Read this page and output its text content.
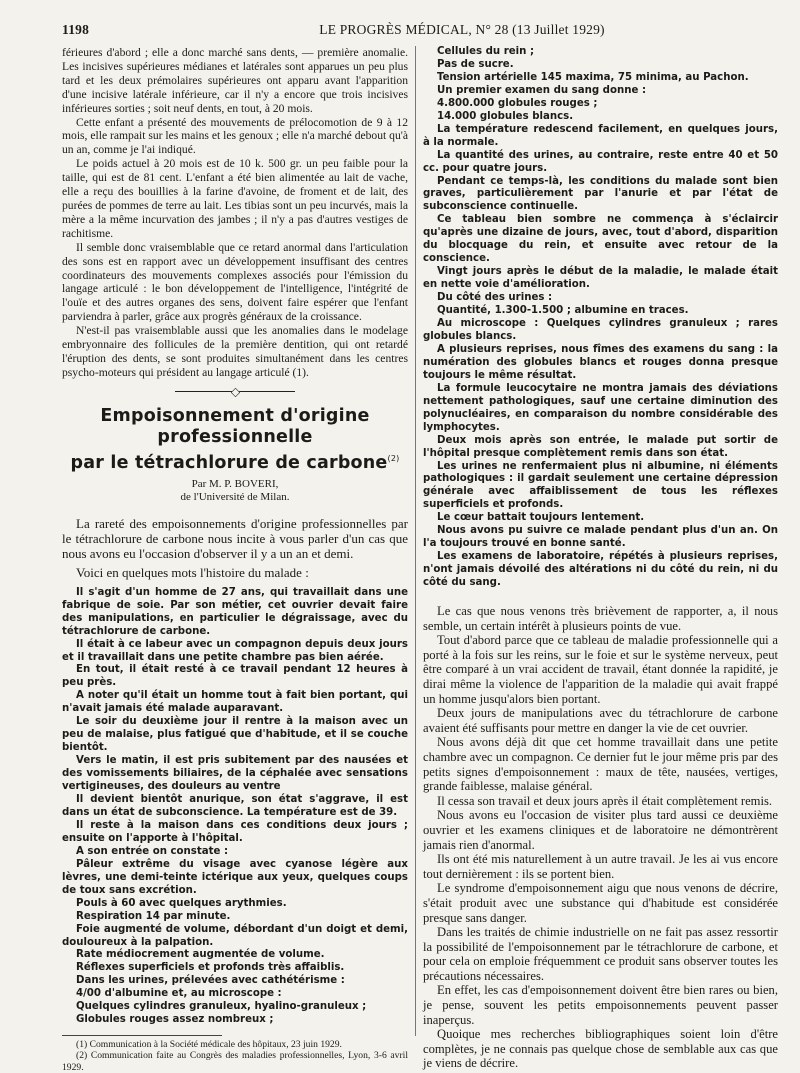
1198	LE PROGRÈS MÉDICAL, N° 28 (13 Juillet 1929)

férieures d'abord ; elle a donc marché sans dents, — première anomalie. Les incisives supérieures médianes et latérales sont apparues un peu plus tard et les deux prémolaires supérieures ont apparu avant l'apparition d'une incisive latérale inférieure, car il n'y a encore que trois incisives inférieures sorties ; soit neuf dents, en tout, à 20 mois.

Cette enfant a présenté des mouvements de prélocomotion de 9 à 12 mois, elle rampait sur les mains et les genoux ; elle n'a marché debout qu'à un an, comme je l'ai indiqué.

Le poids actuel à 20 mois est de 10 k. 500 gr. un peu faible pour la taille, qui est de 81 cent. L'enfant a été bien alimentée au lait de vache, elle a reçu des bouillies à la farine d'avoine, de froment et de lait, des purées de pommes de terre au lait. Les tibias sont un peu incurvés, mais la mère a la même incurvation des jambes ; il n'y a pas d'autres vestiges de rachitisme.

Il semble donc vraisemblable que ce retard anormal dans l'articulation des sons est en rapport avec un développement insuffisant des centres coordinateurs des mouvements complexes associés pour l'émission du langage articulé : le bon développement de l'intelligence, l'intégrité de l'ouïe et des autres organes des sens, doivent faire espérer que l'enfant parviendra à parler, grâce aux progrès généraux de la croissance.

N'est-il pas vraisemblable aussi que les anomalies dans le modelage embryonnaire des follicules de la première dentition, qui ont retardé l'éruption des dents, se sont produites simultanément dans les centres psycho-moteurs qui président au langage articulé (1).

Empoisonnement d'origine professionnelle
par le tétrachlorure de carbone$^{(2)}$
Par M. P. BOVERI,
de l'Université de Milan.

La rareté des empoisonnements d'origine professionnelles par le tétrachlorure de carbone nous incite à vous parler d'un cas que nous avons eu l'occasion d'observer il y a un an et demi.

Voici en quelques mots l'histoire du malade :

Il s'agit d'un homme de 27 ans, qui travaillait dans une fabrique de soie. Par son métier, cet ouvrier devait faire des manipulations, en particulier le dégraissage, avec du tétrachlorure de carbone.

Il était à ce labeur avec un compagnon depuis deux jours et il travaillait dans une petite chambre pas bien aérée.

En tout, il était resté à ce travail pendant 12 heures à peu près.

A noter qu'il était un homme tout à fait bien portant, qui n'avait jamais été malade auparavant.

Le soir du deuxième jour il rentre à la maison avec un peu de malaise, plus fatigué que d'habitude, et il se couche bientôt.

Vers le matin, il est pris subitement par des nausées et des vomissements biliaires, de la céphalée avec sensations vertigineuses, des douleurs au ventre

Il devient bientôt anurique, son état s'aggrave, il est dans un état de subconscience. La température est de 39.

Il reste à la maison dans ces conditions deux jours ; ensuite on l'apporte à l'hôpital.

A son entrée on constate :

Pâleur extrême du visage avec cyanose légère aux lèvres, une demi-teinte ictérique aux yeux, quelques coups de toux sans excrétion.

Pouls à 60 avec quelques arythmies.

Respiration 14 par minute.

Foie augmenté de volume, débordant d'un doigt et demi, douloureux à la palpation.

Rate médiocrement augmentée de volume.

Réflexes superficiels et profonds très affaiblis.

Dans les urines, prélevées avec cathétérisme :

4/00 d'albumine et, au microscope :

Quelques cylindres granuleux, hyalino-granuleux ;

Globules rouges assez nombreux ;

(1) Communication à la Société médicale des hôpitaux, 23 juin 1929.

(2) Communication faite au Congrès des maladies professionnelles, Lyon, 3-6 avril 1929.

Cellules du rein ;

Pas de sucre.

Tension artérielle 145 maxima, 75 minima, au Pachon.

Un premier examen du sang donne :

4.800.000 globules rouges ;

14.000 globules blancs.

La température redescend facilement, en quelques jours, à la normale.

La quantité des urines, au contraire, reste entre 40 et 50 cc. pour quatre jours.

Pendant ce temps-là, les conditions du malade sont bien graves, particulièrement par l'anurie et par l'état de subconscience continuelle.

Ce tableau bien sombre ne commença à s'éclaircir qu'après une dizaine de jours, avec, tout d'abord, disparition du blocquage du rein, et ensuite avec retour de la conscience.

Vingt jours après le début de la maladie, le malade était en nette voie d'amélioration.

Du côté des urines :

Quantité, 1.300-1.500 ; albumine en traces.

Au microscope : Quelques cylindres granuleux ; rares globules blancs.

A plusieurs reprises, nous fîmes des examens du sang : la numération des globules blancs et rouges donna presque toujours le même résultat.

La formule leucocytaire ne montra jamais des déviations nettement pathologiques, sauf une certaine diminution des polynucléaires, en comparaison du nombre considérable des lymphocytes.

Deux mois après son entrée, le malade put sortir de l'hôpital presque complètement remis dans son état.

Les urines ne renfermaient plus ni albumine, ni éléments pathologiques : il gardait seulement une certaine dépression générale avec affaiblissement de tous les réflexes superficiels et profonds.

Le cœur battait toujours lentement.

Nous avons pu suivre ce malade pendant plus d'un an. On l'a toujours trouvé en bonne santé.

Les examens de laboratoire, répétés à plusieurs reprises, n'ont jamais dévoilé des altérations ni du côté du rein, ni du côté du sang.

Le cas que nous venons très brièvement de rapporter, a, il nous semble, un certain intérêt à plusieurs points de vue.

Tout d'abord parce que ce tableau de maladie professionnelle qui a porté à la fois sur les reins, sur le foie et sur le système nerveux, peut être comparé à un vrai accident de travail, étant donnée la rapidité, je dirai même la violence de l'apparition de la maladie qui avait frappé un homme jusqu'alors bien portant.

Deux jours de manipulations avec du tétrachlorure de carbone avaient été suffisants pour mettre en danger la vie de cet ouvrier.

Nous avons déjà dit que cet homme travaillait dans une petite chambre avec un compagnon. Ce dernier fut le jour même pris par des petits signes d'empoisonnement : maux de tête, nausées, vertiges, grande faiblesse, malaise général.

Il cessa son travail et deux jours après il était complètement remis.

Nous avons eu l'occasion de visiter plus tard aussi ce deuxième ouvrier et les examens cliniques et de laboratoire ne démontrèrent jamais rien d'anormal.

Ils ont été mis naturellement à un autre travail. Je les ai vus encore tout dernièrement : ils se portent bien.

Le syndrome d'empoisonnement aigu que nous venons de décrire, s'était produit avec une substance qui d'habitude est considérée presque sans danger.

Dans les traités de chimie industrielle on ne fait pas assez ressortir la possibilité de l'empoisonnement par le tétrachlorure de carbone, et pour cela on emploie fréquemment ce produit sans observer toutes les précautions nécessaires.

En effet, les cas d'empoisonnement doivent être bien rares ou bien, je pense, souvent les petits empoisonnements peuvent passer inaperçus.

Quoique mes recherches bibliographiques soient loin d'être complètes, je ne connais pas quelque chose de semblable aux cas que je viens de décrire.
